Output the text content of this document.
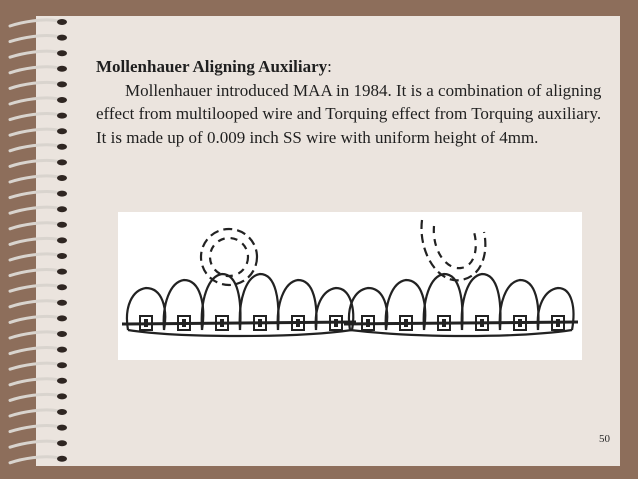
Mollenhauer Aligning Auxiliary:
Mollenhauer introduced MAA in 1984. It is a combination of aligning effect from multilooped wire and Torquing effect from Torquing auxiliary. It is made up of 0.009 inch SS wire with uniform height of 4mm.
50
